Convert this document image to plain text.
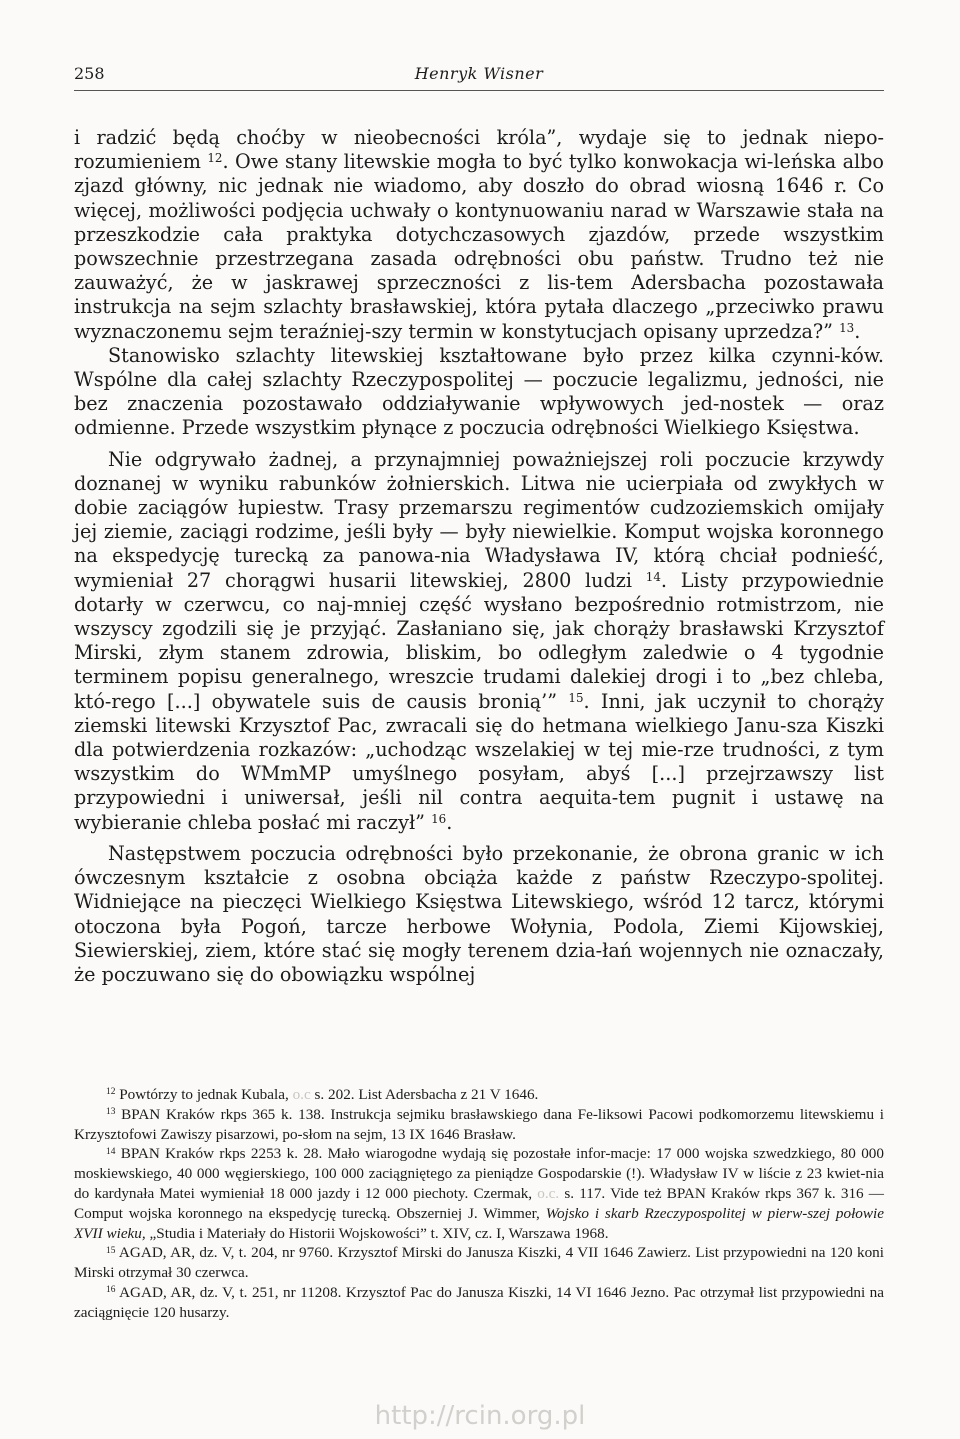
258	Henryk Wisner

i radzić będą choćby w nieobecności króla”, wydaje się to jednak niepo-rozumieniem $^{12}$. Owe stany litewskie mogła to być tylko konwokacja wi-leńska albo zjazd główny, nic jednak nie wiadomo, aby doszło do obrad wiosną 1646 r. Co więcej, możliwości podjęcia uchwały o kontynuowaniu narad w Warszawie stała na przeszkodzie cała praktyka dotychczasowych zjazdów, przede wszystkim powszechnie przestrzegana zasada odrębności obu państw. Trudno też nie zauważyć, że w jaskrawej sprzeczności z lis-tem Adersbacha pozostawała instrukcja na sejm szlachty brasławskiej, która pytała dlaczego „przeciwko prawu wyznaczonemu sejm teraźniej-szy termin w konstytucjach opisany uprzedza?” $^{13}$.

Stanowisko szlachty litewskiej kształtowane było przez kilka czynni-ków. Wspólne dla całej szlachty Rzeczypospolitej — poczucie legalizmu, jedności, nie bez znaczenia pozostawało oddziaływanie wpływowych jed-nostek — oraz odmienne. Przede wszystkim płynące z poczucia odrębności Wielkiego Księstwa.

Nie odgrywało żadnej, a przynajmniej poważniejszej roli poczucie krzywdy doznanej w wyniku rabunków żołnierskich. Litwa nie ucierpiała od zwykłych w dobie zaciągów łupiestw. Trasy przemarszu regimentów cudzoziemskich omijały jej ziemie, zaciągi rodzime, jeśli były — były niewielkie. Komput wojska koronnego na ekspedycję turecką za panowa-nia Władysława IV, którą chciał podnieść, wymieniał 27 chorągwi husarii litewskiej, 2800 ludzi $^{14}$. Listy przypowiednie dotarły w czerwcu, co naj-mniej część wysłano bezpośrednio rotmistrzom, nie wszyscy zgodzili się je przyjąć. Zasłaniano się, jak chorąży brasławski Krzysztof Mirski, złym stanem zdrowia, bliskim, bo odległym zaledwie o 4 tygodnie terminem popisu generalnego, wreszcie trudami dalekiej drogi i to „bez chleba, któ-rego [...] obywatele suis de causis bronią’” $^{15}$. Inni, jak uczynił to chorąży ziemski litewski Krzysztof Pac, zwracali się do hetmana wielkiego Janu-sza Kiszki dla potwierdzenia rozkazów: „uchodząc wszelakiej w tej mie-rze trudności, z tym wszystkim do WMmMP umyślnego posyłam, abyś [...] przejrzawszy list przypowiedni i uniwersał, jeśli nil contra aequita-tem pugnit i ustawę na wybieranie chleba posłać mi raczył” $^{16}$.

Następstwem poczucia odrębności było przekonanie, że obrona granic w ich ówczesnym kształcie z osobna obciąża każde z państw Rzeczypo-spolitej. Widniejące na pieczęci Wielkiego Księstwa Litewskiego, wśród 12 tarcz, którymi otoczona była Pogoń, tarcze herbowe Wołynia, Podola, Ziemi Kijowskiej, Siewierskiej, ziem, które stać się mogły terenem dzia-łań wojennych nie oznaczały, że poczuwano się do obowiązku wspólnej

$^{12}$ Powtórzy to jednak Kubala, o.c s. 202. List Adersbacha z 21 V 1646.

$^{13}$ BPAN Kraków rkps 365 k. 138. Instrukcja sejmiku brasławskiego dana Fe-liksowi Pacowi podkomorzemu litewskiemu i Krzysztofowi Zawiszy pisarzowi, po-słom na sejm, 13 IX 1646 Brasław.

$^{14}$ BPAN Kraków rkps 2253 k. 28. Mało wiarogodne wydają się pozostałe infor-macje: 17 000 wojska szwedzkiego, 80 000 moskiewskiego, 40 000 węgierskiego, 100 000 zaciągniętego za pieniądze Gospodarskie (!). Władysław IV w liście z 23 kwiet-nia do kardynała Matei wymieniał 18 000 jazdy i 12 000 piechoty. Czermak, o.c. s. 117. Vide też BPAN Kraków rkps 367 k. 316 — Comput wojska koronnego na ekspedycję turecką. Obszerniej J. Wimmer, Wojsko i skarb Rzeczypospolitej w pierw-szej połowie XVII wieku, „Studia i Materiały do Historii Wojskowości” t. XIV, cz. I, Warszawa 1968.

$^{15}$ AGAD, AR, dz. V, t. 204, nr 9760. Krzysztof Mirski do Janusza Kiszki, 4 VII 1646 Zawierz. List przypowiedni na 120 koni Mirski otrzymał 30 czerwca.

$^{16}$ AGAD, AR, dz. V, t. 251, nr 11208. Krzysztof Pac do Janusza Kiszki, 14 VI 1646 Jezno. Pac otrzymał list przypowiedni na zaciągnięcie 120 husarzy.

http://rcin.org.pl
